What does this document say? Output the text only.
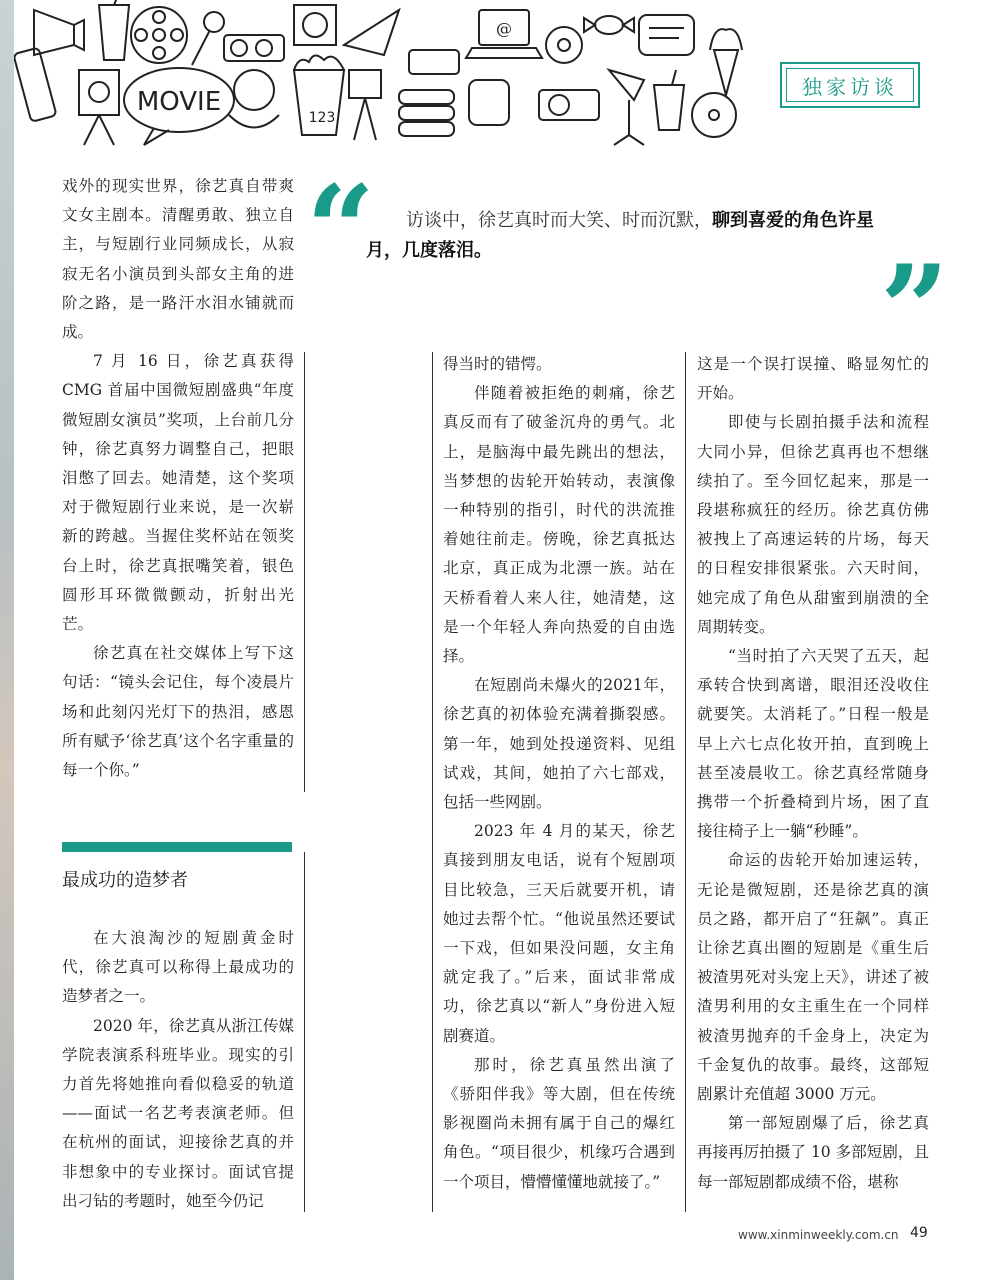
MOVIE
123
@
独家访谈

戏外的现实世界，徐艺真自带爽文女主剧本。清醒勇敢、独立自主，与短剧行业同频成长，从寂寂无名小演员到头部女主角的进阶之路，是一路汗水泪水铺就而成。

7 月 16 日，徐艺真获得 CMG 首届中国微短剧盛典“年度微短剧女演员”奖项，上台前几分钟，徐艺真努力调整自己，把眼泪憋了回去。她清楚，这个奖项对于微短剧行业来说，是一次崭新的跨越。当握住奖杯站在领奖台上时，徐艺真抿嘴笑着，银色圆形耳环微微颤动，折射出光芒。

徐艺真在社交媒体上写下这句话：“镜头会记住，每个凌晨片场和此刻闪光灯下的热泪，感恩所有赋予‘徐艺真’这个名字重量的每一个你。”

最成功的造梦者

在大浪淘沙的短剧黄金时代，徐艺真可以称得上最成功的造梦者之一。

2020 年，徐艺真从浙江传媒学院表演系科班毕业。现实的引力首先将她推向看似稳妥的轨道——面试一名艺考表演老师。但在杭州的面试，迎接徐艺真的并非想象中的专业探讨。面试官提出刁钻的考题时，她至今仍记

“	访谈中，徐艺真时而大笑、时而沉默，聊到喜爱的角色许星月，几度落泪。	”

得当时的错愕。

伴随着被拒绝的刺痛，徐艺真反而有了破釜沉舟的勇气。北上，是脑海中最先跳出的想法，当梦想的齿轮开始转动，表演像一种特别的指引，时代的洪流推着她往前走。傍晚，徐艺真抵达北京，真正成为北漂一族。站在天桥看着人来人往，她清楚，这是一个年轻人奔向热爱的自由选择。

在短剧尚未爆火的2021年，徐艺真的初体验充满着撕裂感。第一年，她到处投递资料、见组试戏，其间，她拍了六七部戏，包括一些网剧。

2023 年 4 月的某天，徐艺真接到朋友电话，说有个短剧项目比较急，三天后就要开机，请她过去帮个忙。“他说虽然还要试一下戏，但如果没问题，女主角就定我了。”后来，面试非常成功，徐艺真以“新人”身份进入短剧赛道。

那时，徐艺真虽然出演了《骄阳伴我》等大剧，但在传统影视圈尚未拥有属于自己的爆红角色。“项目很少，机缘巧合遇到一个项目，懵懵懂懂地就接了。”

这是一个误打误撞、略显匆忙的开始。

即使与长剧拍摄手法和流程大同小异，但徐艺真再也不想继续拍了。至今回忆起来，那是一段堪称疯狂的经历。徐艺真仿佛被拽上了高速运转的片场，每天的日程安排很紧张。六天时间，她完成了角色从甜蜜到崩溃的全周期转变。

“当时拍了六天哭了五天，起承转合快到离谱，眼泪还没收住就要笑。太消耗了。”日程一般是早上六七点化妆开拍，直到晚上甚至凌晨收工。徐艺真经常随身携带一个折叠椅到片场，困了直接往椅子上一躺“秒睡”。

命运的齿轮开始加速运转，无论是微短剧，还是徐艺真的演员之路，都开启了“狂飙”。真正让徐艺真出圈的短剧是《重生后被渣男死对头宠上天》，讲述了被渣男利用的女主重生在一个同样被渣男抛弃的千金身上，决定为千金复仇的故事。最终，这部短剧累计充值超 3000 万元。

第一部短剧爆了后，徐艺真再接再厉拍摄了 10 多部短剧，且每一部短剧都成绩不俗，堪称

www.xinminweekly.com.cn 49
